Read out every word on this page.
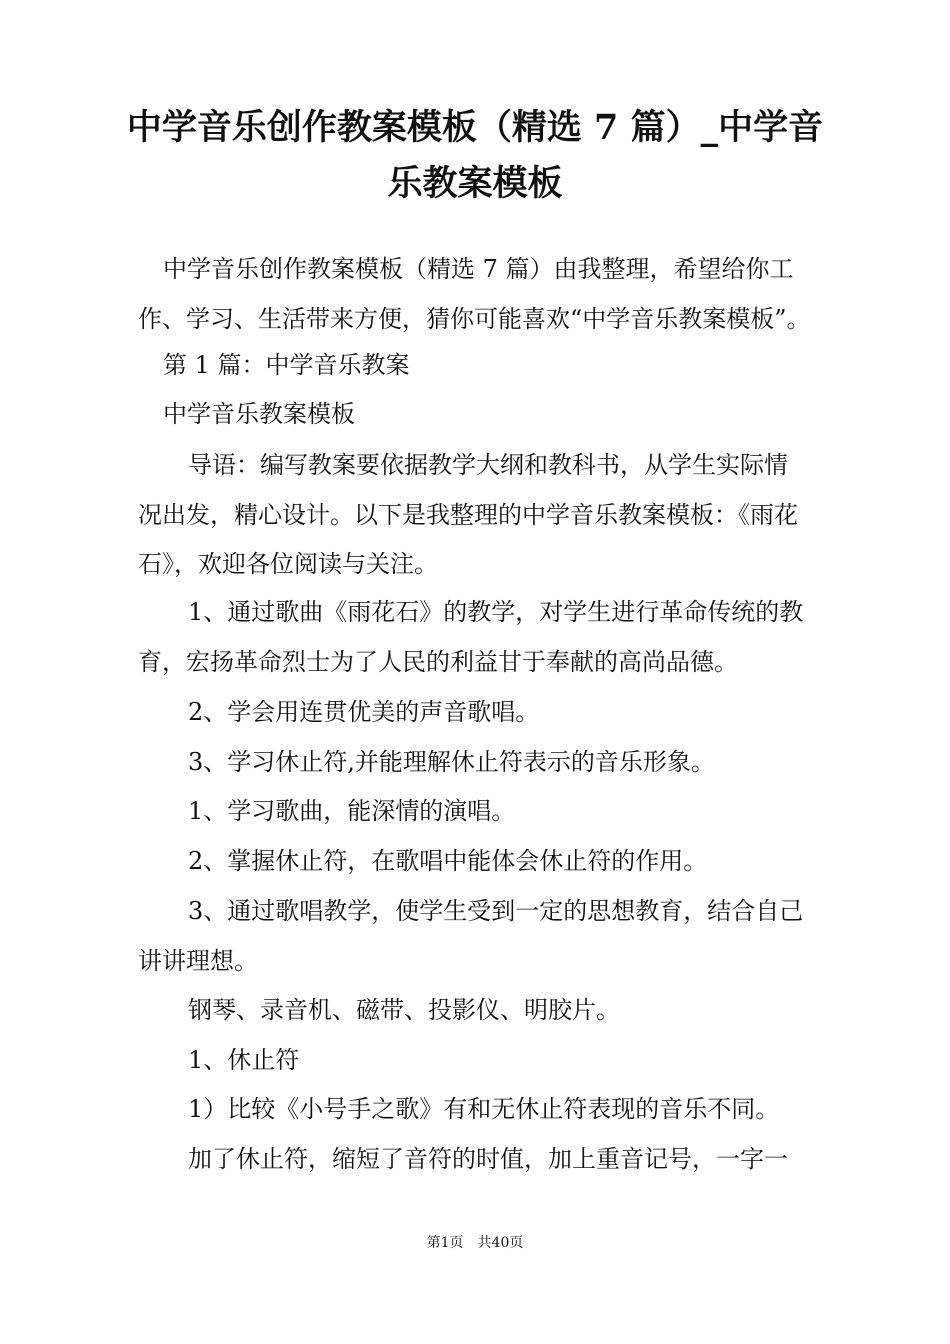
中学音乐创作教案模板（精选 7 篇）_中学音乐教案模板

中学音乐创作教案模板（精选 7 篇）由我整理，希望给你工

作、学习、生活带来方便，猜你可能喜欢“中学音乐教案模板”。

第 1 篇：中学音乐教案

中学音乐教案模板

导语：编写教案要依据教学大纲和教科书，从学生实际情

况出发，精心设计。以下是我整理的中学音乐教案模板：《雨花

石》，欢迎各位阅读与关注。

1、通过歌曲《雨花石》的教学，对学生进行革命传统的教

育，宏扬革命烈士为了人民的利益甘于奉献的高尚品德。

2、学会用连贯优美的声音歌唱。

3、学习休止符,并能理解休止符表示的音乐形象。

1、学习歌曲，能深情的演唱。

2、掌握休止符，在歌唱中能体会休止符的作用。

3、通过歌唱教学，使学生受到一定的思想教育，结合自己

讲讲理想。

钢琴、录音机、磁带、投影仪、明胶片。

1、休止符

1）比较《小号手之歌》有和无休止符表现的音乐不同。

加了休止符，缩短了音符的时值，加上重音记号，一字一

第1页 共40页
